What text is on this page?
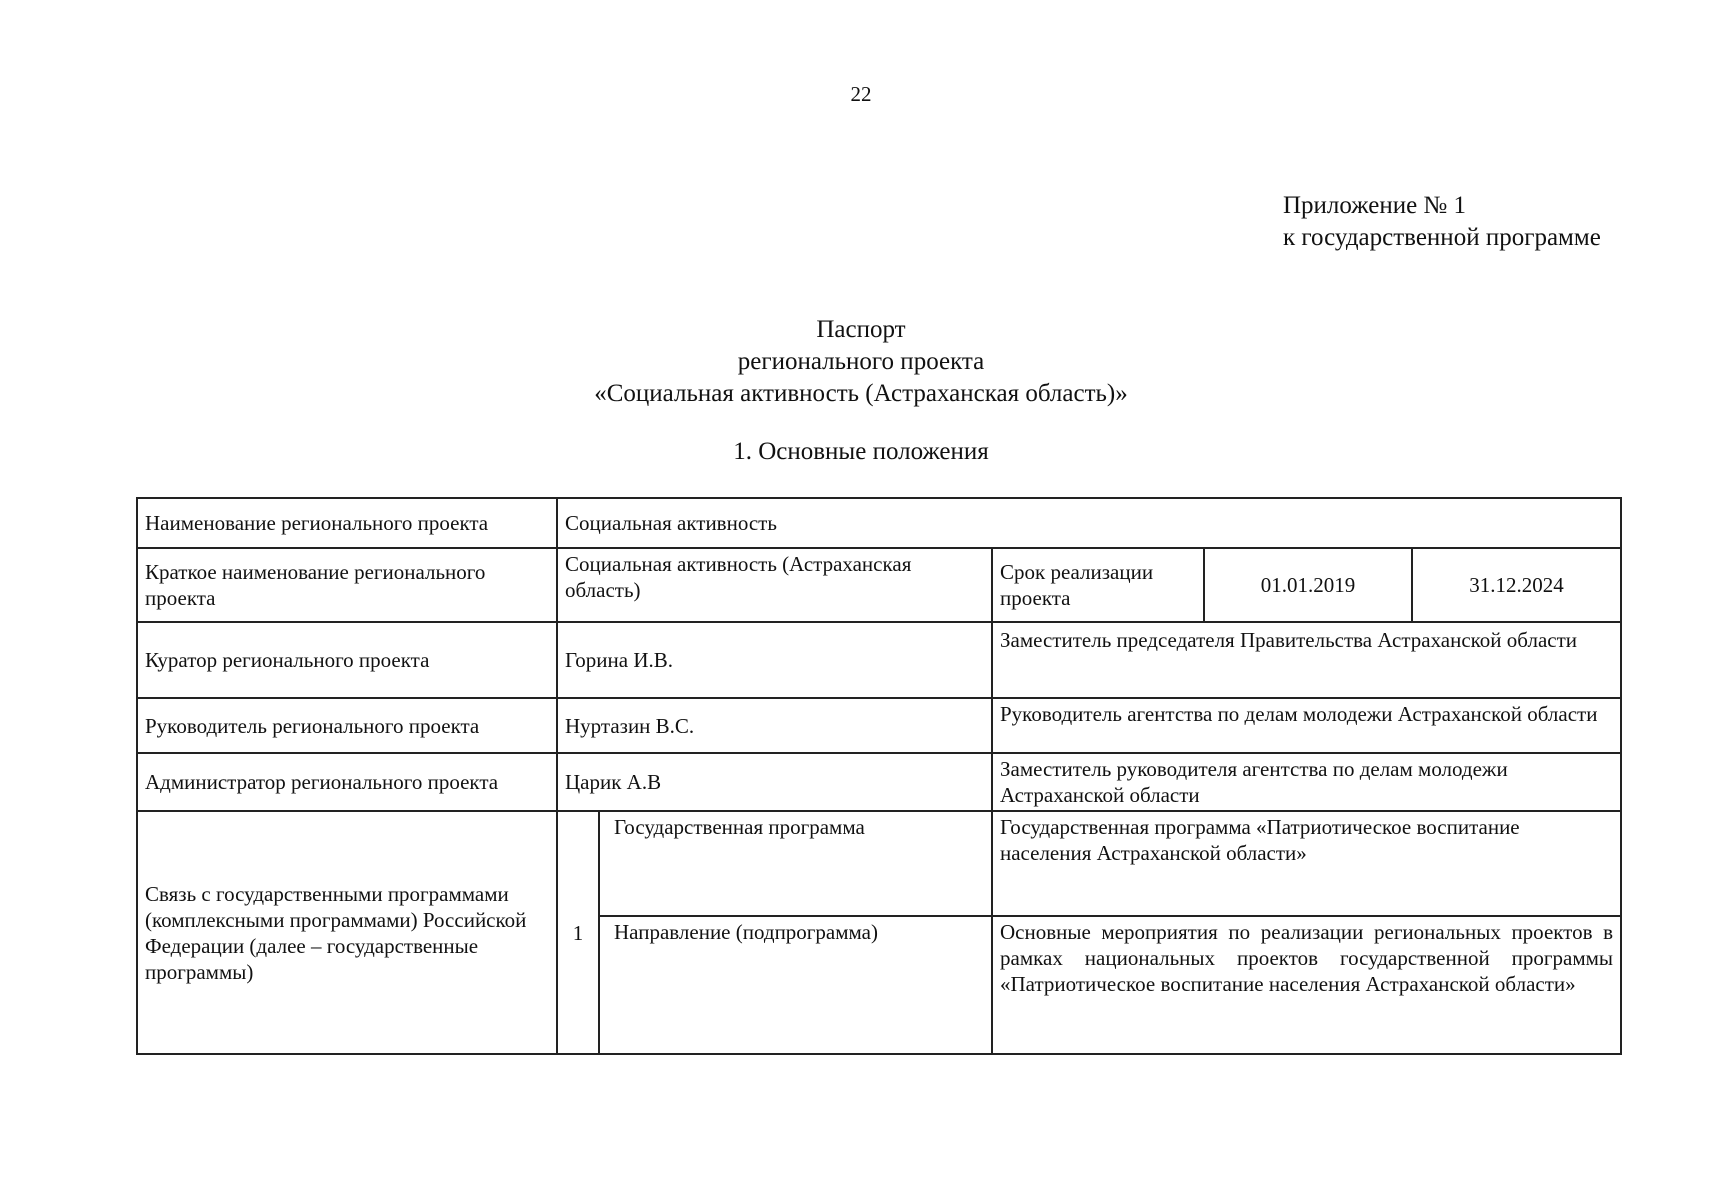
22
Приложение № 1
к государственной программе
Паспорт
регионального проекта
«Социальная активность (Астраханская область)»
1. Основные положения
Наименование регионального проекта	Социальная активность				
Краткое наименование регионального проекта	Социальная активность (Астраханская область)		Срок реализации проекта	01.01.2019	31.12.2024
Куратор регионального проекта	Горина И.В.		Заместитель председателя Правительства Астраханской области		
Руководитель регионального проекта	Нуртазин В.С.		Руководитель агентства по делам молодежи Астраханской области		
Администратор регионального проекта	Царик А.В		Заместитель руководителя агентства по делам молодежи Астраханской области		
Связь с государственными программами (комплексными программами) Российской Федерации (далее – государственные программы)	1	Государственная программа	Государственная программа «Патриотическое воспитание населения Астраханской области»		
		Направление (подпрограмма)	Основные мероприятия по реализации региональных проектов в рамках национальных проектов государственной программы «Патриотическое воспитание населения Астраханской области»		
